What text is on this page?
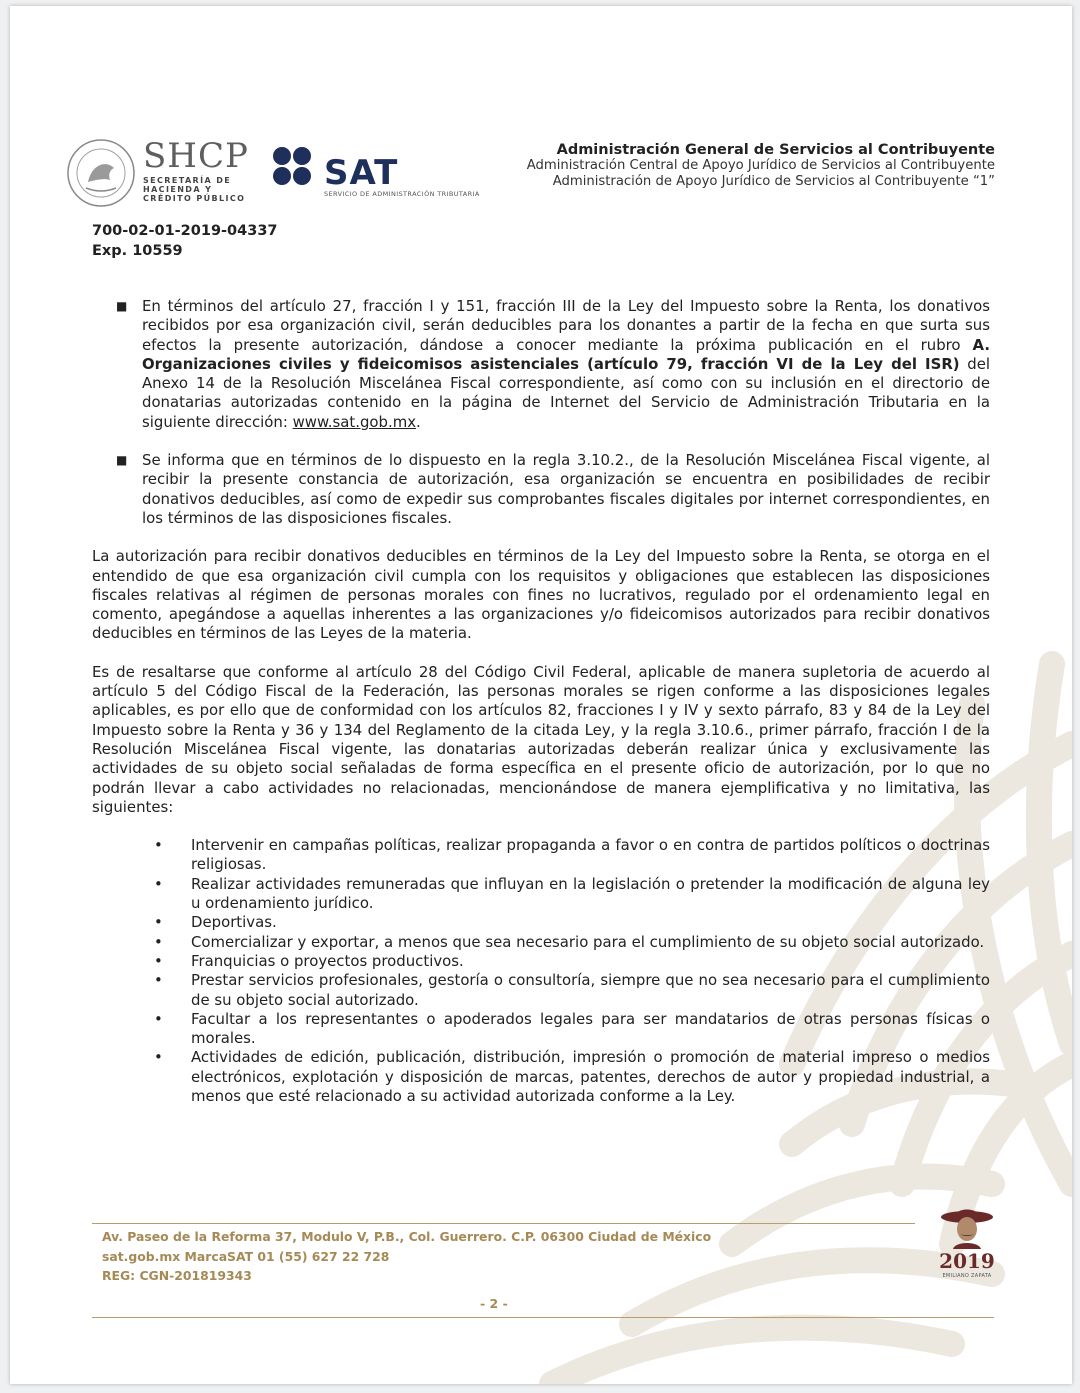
SHCP
SECRETARÍA DE
HACIENDA Y
CRÉDITO PÚBLICO
SAT
SERVICIO DE ADMINISTRACIÓN TRIBUTARIA
Administración General de Servicios al Contribuyente
Administración Central de Apoyo Jurídico de Servicios al Contribuyente
Administración de Apoyo Jurídico de Servicios al Contribuyente “1”
700-02-01-2019-04337
Exp. 10559
■ En términos del artículo 27, fracción I y 151, fracción III de la Ley del Impuesto sobre la Renta, los donativos recibidos por esa organización civil, serán deducibles para los donantes a partir de la fecha en que surta sus efectos la presente autorización, dándose a conocer mediante la próxima publicación en el rubro A. Organizaciones civiles y fideicomisos asistenciales (artículo 79, fracción VI de la Ley del ISR) del Anexo 14 de la Resolución Miscelánea Fiscal correspondiente, así como con su inclusión en el directorio de donatarias autorizadas contenido en la página de Internet del Servicio de Administración Tributaria en la siguiente dirección: www.sat.gob.mx.
■ Se informa que en términos de lo dispuesto en la regla 3.10.2., de la Resolución Miscelánea Fiscal vigente, al recibir la presente constancia de autorización, esa organización se encuentra en posibilidades de recibir donativos deducibles, así como de expedir sus comprobantes fiscales digitales por internet correspondientes, en los términos de las disposiciones fiscales.

La autorización para recibir donativos deducibles en términos de la Ley del Impuesto sobre la Renta, se otorga en el entendido de que esa organización civil cumpla con los requisitos y obligaciones que establecen las disposiciones fiscales relativas al régimen de personas morales con fines no lucrativos, regulado por el ordenamiento legal en comento, apegándose a aquellas inherentes a las organizaciones y/o fideicomisos autorizados para recibir donativos deducibles en términos de las Leyes de la materia.

Es de resaltarse que conforme al artículo 28 del Código Civil Federal, aplicable de manera supletoria de acuerdo al artículo 5 del Código Fiscal de la Federación, las personas morales se rigen conforme a las disposiciones legales aplicables, es por ello que de conformidad con los artículos 82, fracciones I y IV y sexto párrafo, 83 y 84 de la Ley del Impuesto sobre la Renta y 36 y 134 del Reglamento de la citada Ley, y la regla 3.10.6., primer párrafo, fracción I de la Resolución Miscelánea Fiscal vigente, las donatarias autorizadas deberán realizar única y exclusivamente las actividades de su objeto social señaladas de forma específica en el presente oficio de autorización, por lo que no podrán llevar a cabo actividades no relacionadas, mencionándose de manera ejemplificativa y no limitativa, las siguientes:

• Intervenir en campañas políticas, realizar propaganda a favor o en contra de partidos políticos o doctrinas religiosas.
• Realizar actividades remuneradas que influyan en la legislación o pretender la modificación de alguna ley u ordenamiento jurídico.
• Deportivas.
• Comercializar y exportar, a menos que sea necesario para el cumplimiento de su objeto social autorizado.
• Franquicias o proyectos productivos.
• Prestar servicios profesionales, gestoría o consultoría, siempre que no sea necesario para el cumplimiento de su objeto social autorizado.
• Facultar a los representantes o apoderados legales para ser mandatarios de otras personas físicas o morales.
• Actividades de edición, publicación, distribución, impresión o promoción de material impreso o medios electrónicos, explotación y disposición de marcas, patentes, derechos de autor y propiedad industrial, a menos que esté relacionado a su actividad autorizada conforme a la Ley.
Av. Paseo de la Reforma 37, Modulo V, P.B., Col. Guerrero. C.P. 06300 Ciudad de México
sat.gob.mx MarcaSAT 01 (55) 627 22 728
REG: CGN-201819343
2019
EMILIANO ZAPATA
- 2 -
